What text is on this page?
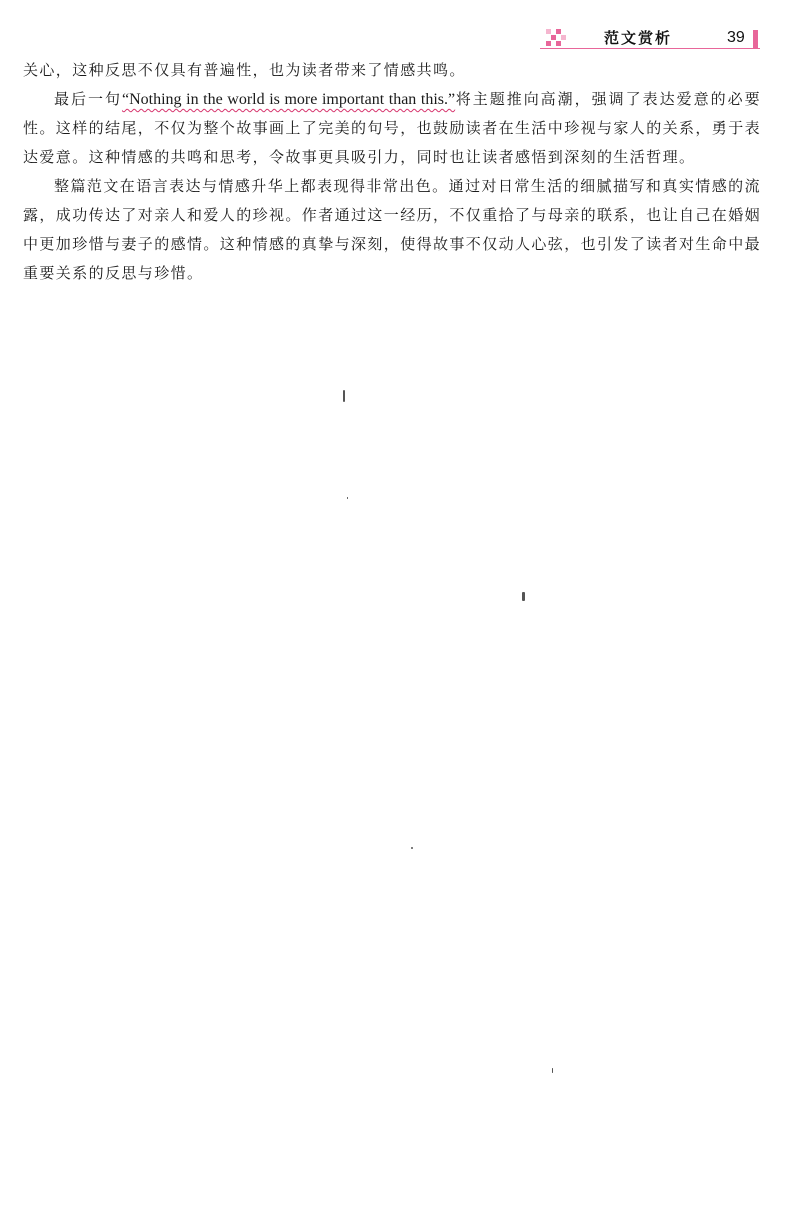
范文赏析	39

关心，这种反思不仅具有普遍性，也为读者带来了情感共鸣。

最后一句“Nothing in the world is more important than this.”将主题推向高潮，强调了表达爱意的必要性。这样的结尾，不仅为整个故事画上了完美的句号，也鼓励读者在生活中珍视与家人的关系，勇于表达爱意。这种情感的共鸣和思考，令故事更具吸引力，同时也让读者感悟到深刻的生活哲理。

整篇范文在语言表达与情感升华上都表现得非常出色。通过对日常生活的细腻描写和真实情感的流露，成功传达了对亲人和爱人的珍视。作者通过这一经历，不仅重拾了与母亲的联系，也让自己在婚姻中更加珍惜与妻子的感情。这种情感的真挚与深刻，使得故事不仅动人心弦，也引发了读者对生命中最重要关系的反思与珍惜。
